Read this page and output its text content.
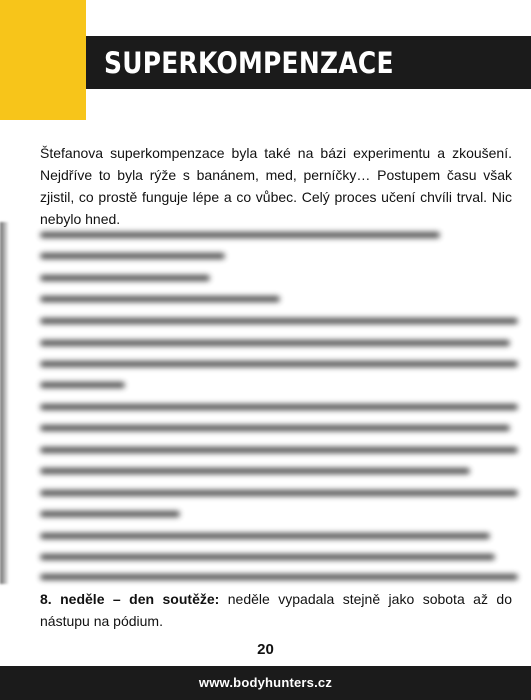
SUPERKOMPENZACE

Štefanova superkompenzace byla také na bázi experimentu a zkoušení. Nejdříve to byla rýže s banánem, med, perníčky… Postupem času však zjistil, co prostě funguje lépe a co vůbec. Celý proces učení chvíli trval. Nic nebylo hned.

8. neděle – den soutěže: neděle vypadala stejně jako sobota až do nástupu na pódium.

20
www.bodyhunters.cz
